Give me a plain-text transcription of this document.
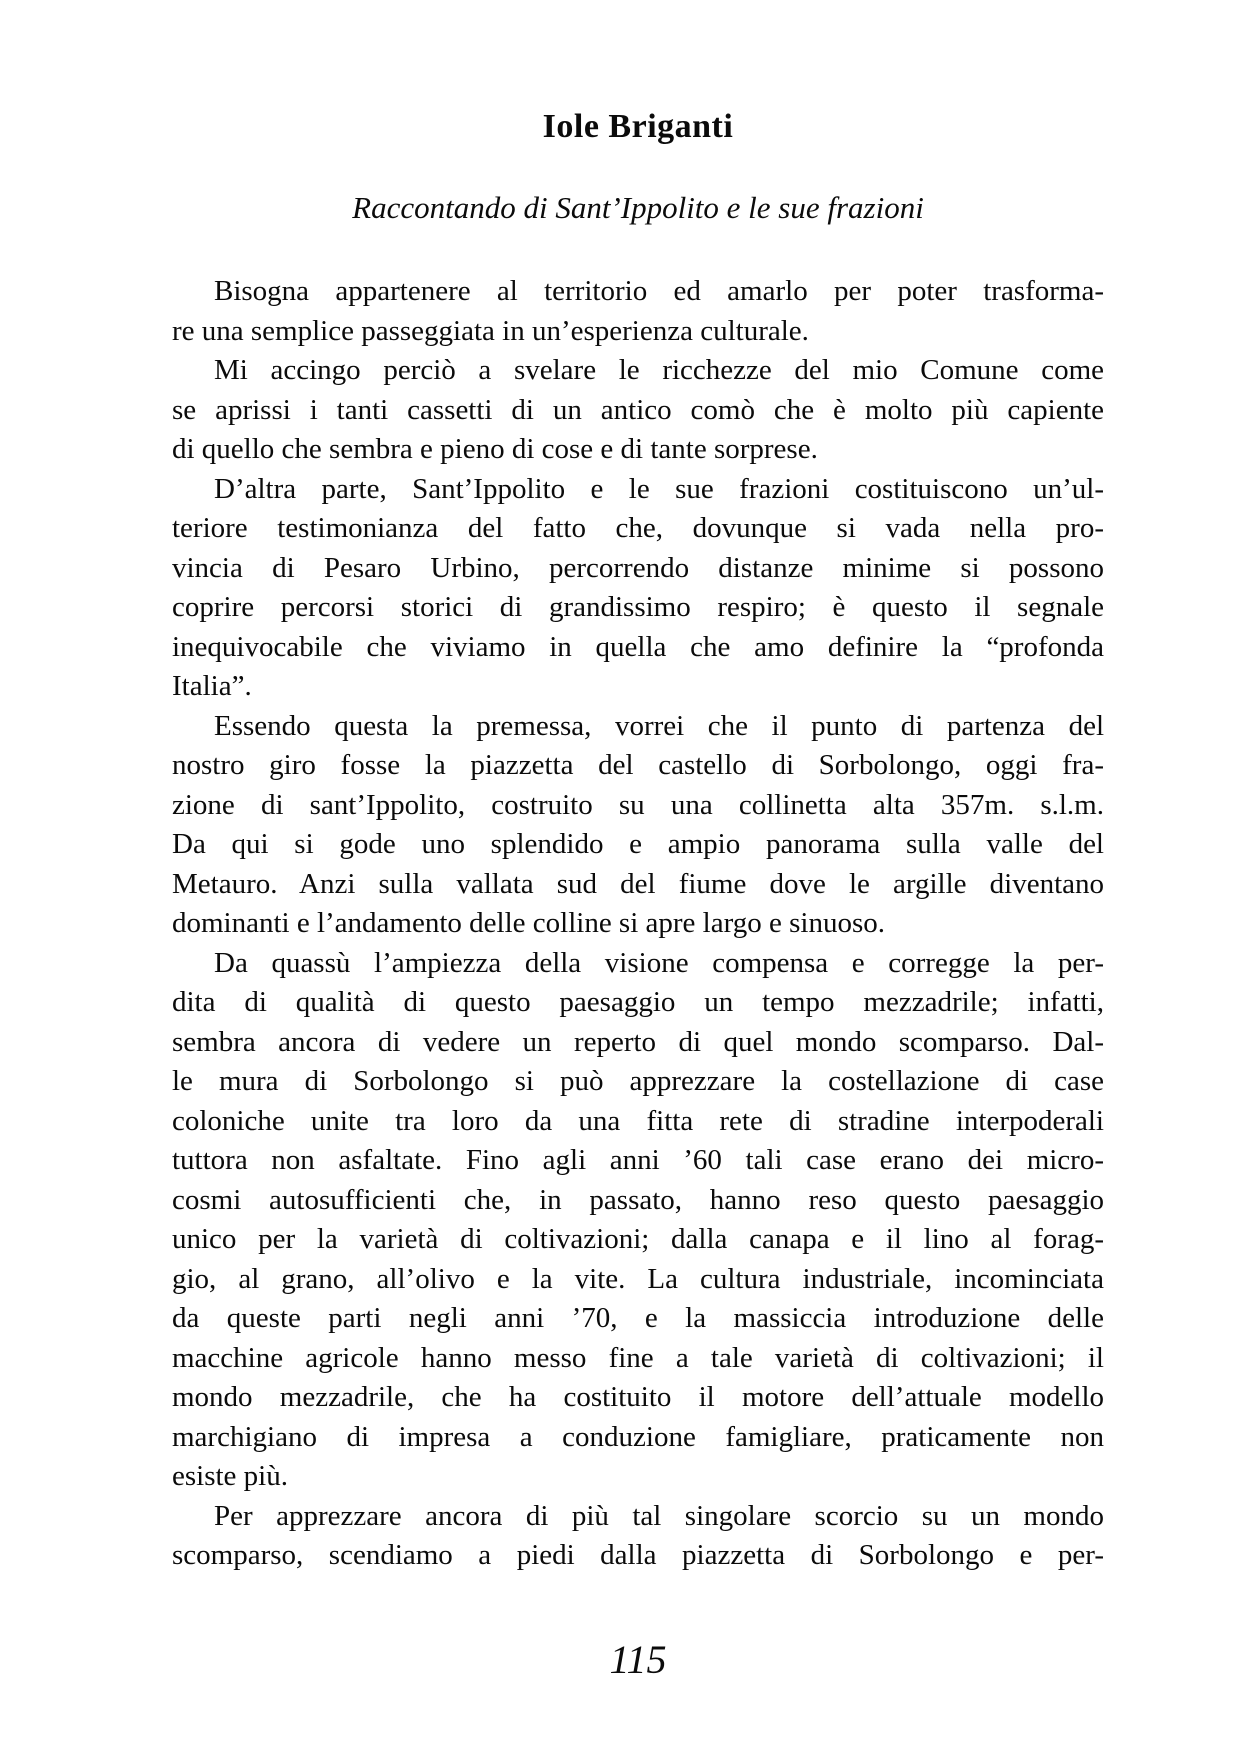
Iole Briganti
Raccontando di Sant’Ippolito e le sue frazioni
Bisogna appartenere al territorio ed amarlo per poter trasforma-
re una semplice passeggiata in un’esperienza culturale.
Mi accingo perciò a svelare le ricchezze del mio Comune come
se aprissi i tanti cassetti di un antico comò che è molto più capiente
di quello che sembra e pieno di cose e di tante sorprese.
D’altra parte, Sant’Ippolito e le sue frazioni costituiscono un’ul-
teriore testimonianza del fatto che, dovunque si vada nella pro-
vincia di Pesaro Urbino, percorrendo distanze minime si possono
coprire percorsi storici di grandissimo respiro; è questo il segnale
inequivocabile che viviamo in quella che amo definire la “profonda
Italia”.
Essendo questa la premessa, vorrei che il punto di partenza del
nostro giro fosse la piazzetta del castello di Sorbolongo, oggi fra-
zione di sant’Ippolito, costruito su una collinetta alta 357m. s.l.m.
Da qui si gode uno splendido e ampio panorama sulla valle del
Metauro. Anzi sulla vallata sud del fiume dove le argille diventano
dominanti e l’andamento delle colline si apre largo e sinuoso.
Da quassù l’ampiezza della visione compensa e corregge la per-
dita di qualità di questo paesaggio un tempo mezzadrile; infatti,
sembra ancora di vedere un reperto di quel mondo scomparso. Dal-
le mura di Sorbolongo si può apprezzare la costellazione di case
coloniche unite tra loro da una fitta rete di stradine interpoderali
tuttora non asfaltate. Fino agli anni ’60 tali case erano dei micro-
cosmi autosufficienti che, in passato, hanno reso questo paesaggio
unico per la varietà di coltivazioni; dalla canapa e il lino al forag-
gio, al grano, all’olivo e la vite. La cultura industriale, incominciata
da queste parti negli anni ’70, e la massiccia introduzione delle
macchine agricole hanno messo fine a tale varietà di coltivazioni; il
mondo mezzadrile, che ha costituito il motore dell’attuale modello
marchigiano di impresa a conduzione famigliare, praticamente non
esiste più.
Per apprezzare ancora di più tal singolare scorcio su un mondo
scomparso, scendiamo a piedi dalla piazzetta di Sorbolongo e per-
115
